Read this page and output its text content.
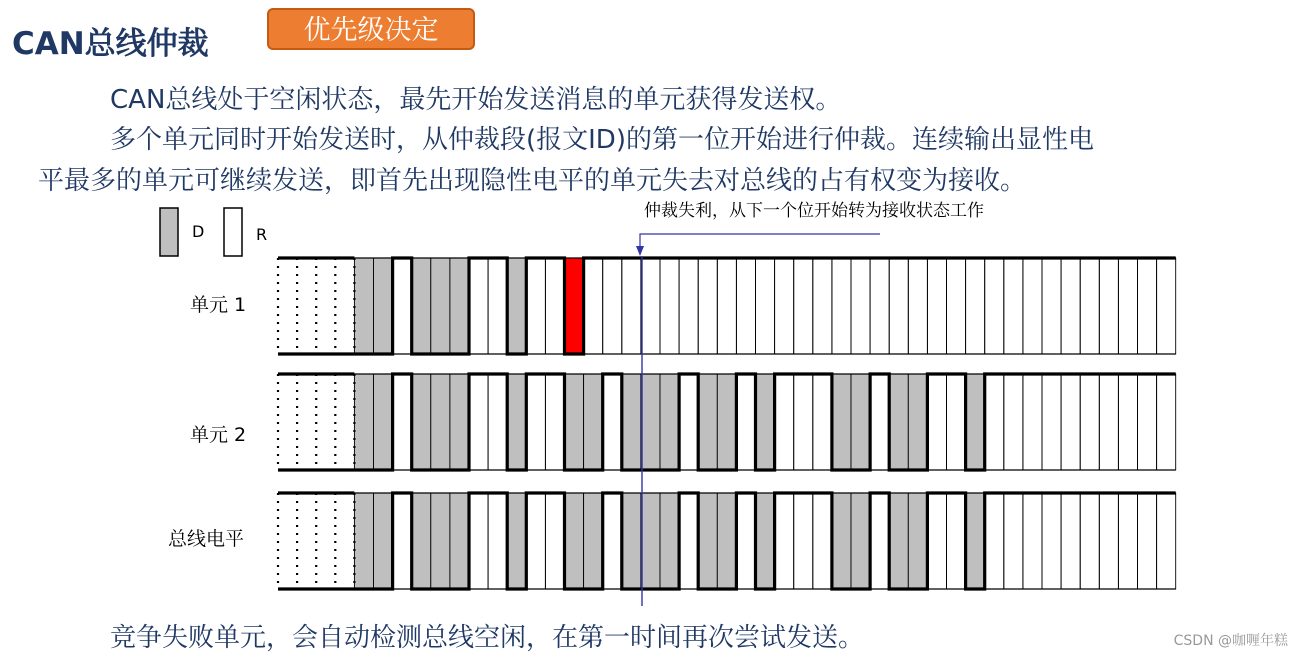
CAN总线仲裁	优先级决定
CAN总线处于空闲状态，最先开始发送消息的单元获得发送权。
多个单元同时开始发送时，从仲裁段(报文ID)的第一位开始进行仲裁。连续输出显性电
平最多的单元可继续发送，即首先出现隐性电平的单元失去对总线的占有权变为接收。
D	R
仲裁失利，从下一个位开始转为接收状态工作
单元 1
单元 2
总线电平
竞争失败单元，会自动检测总线空闲，在第一时间再次尝试发送。	CSDN @咖喱年糕
